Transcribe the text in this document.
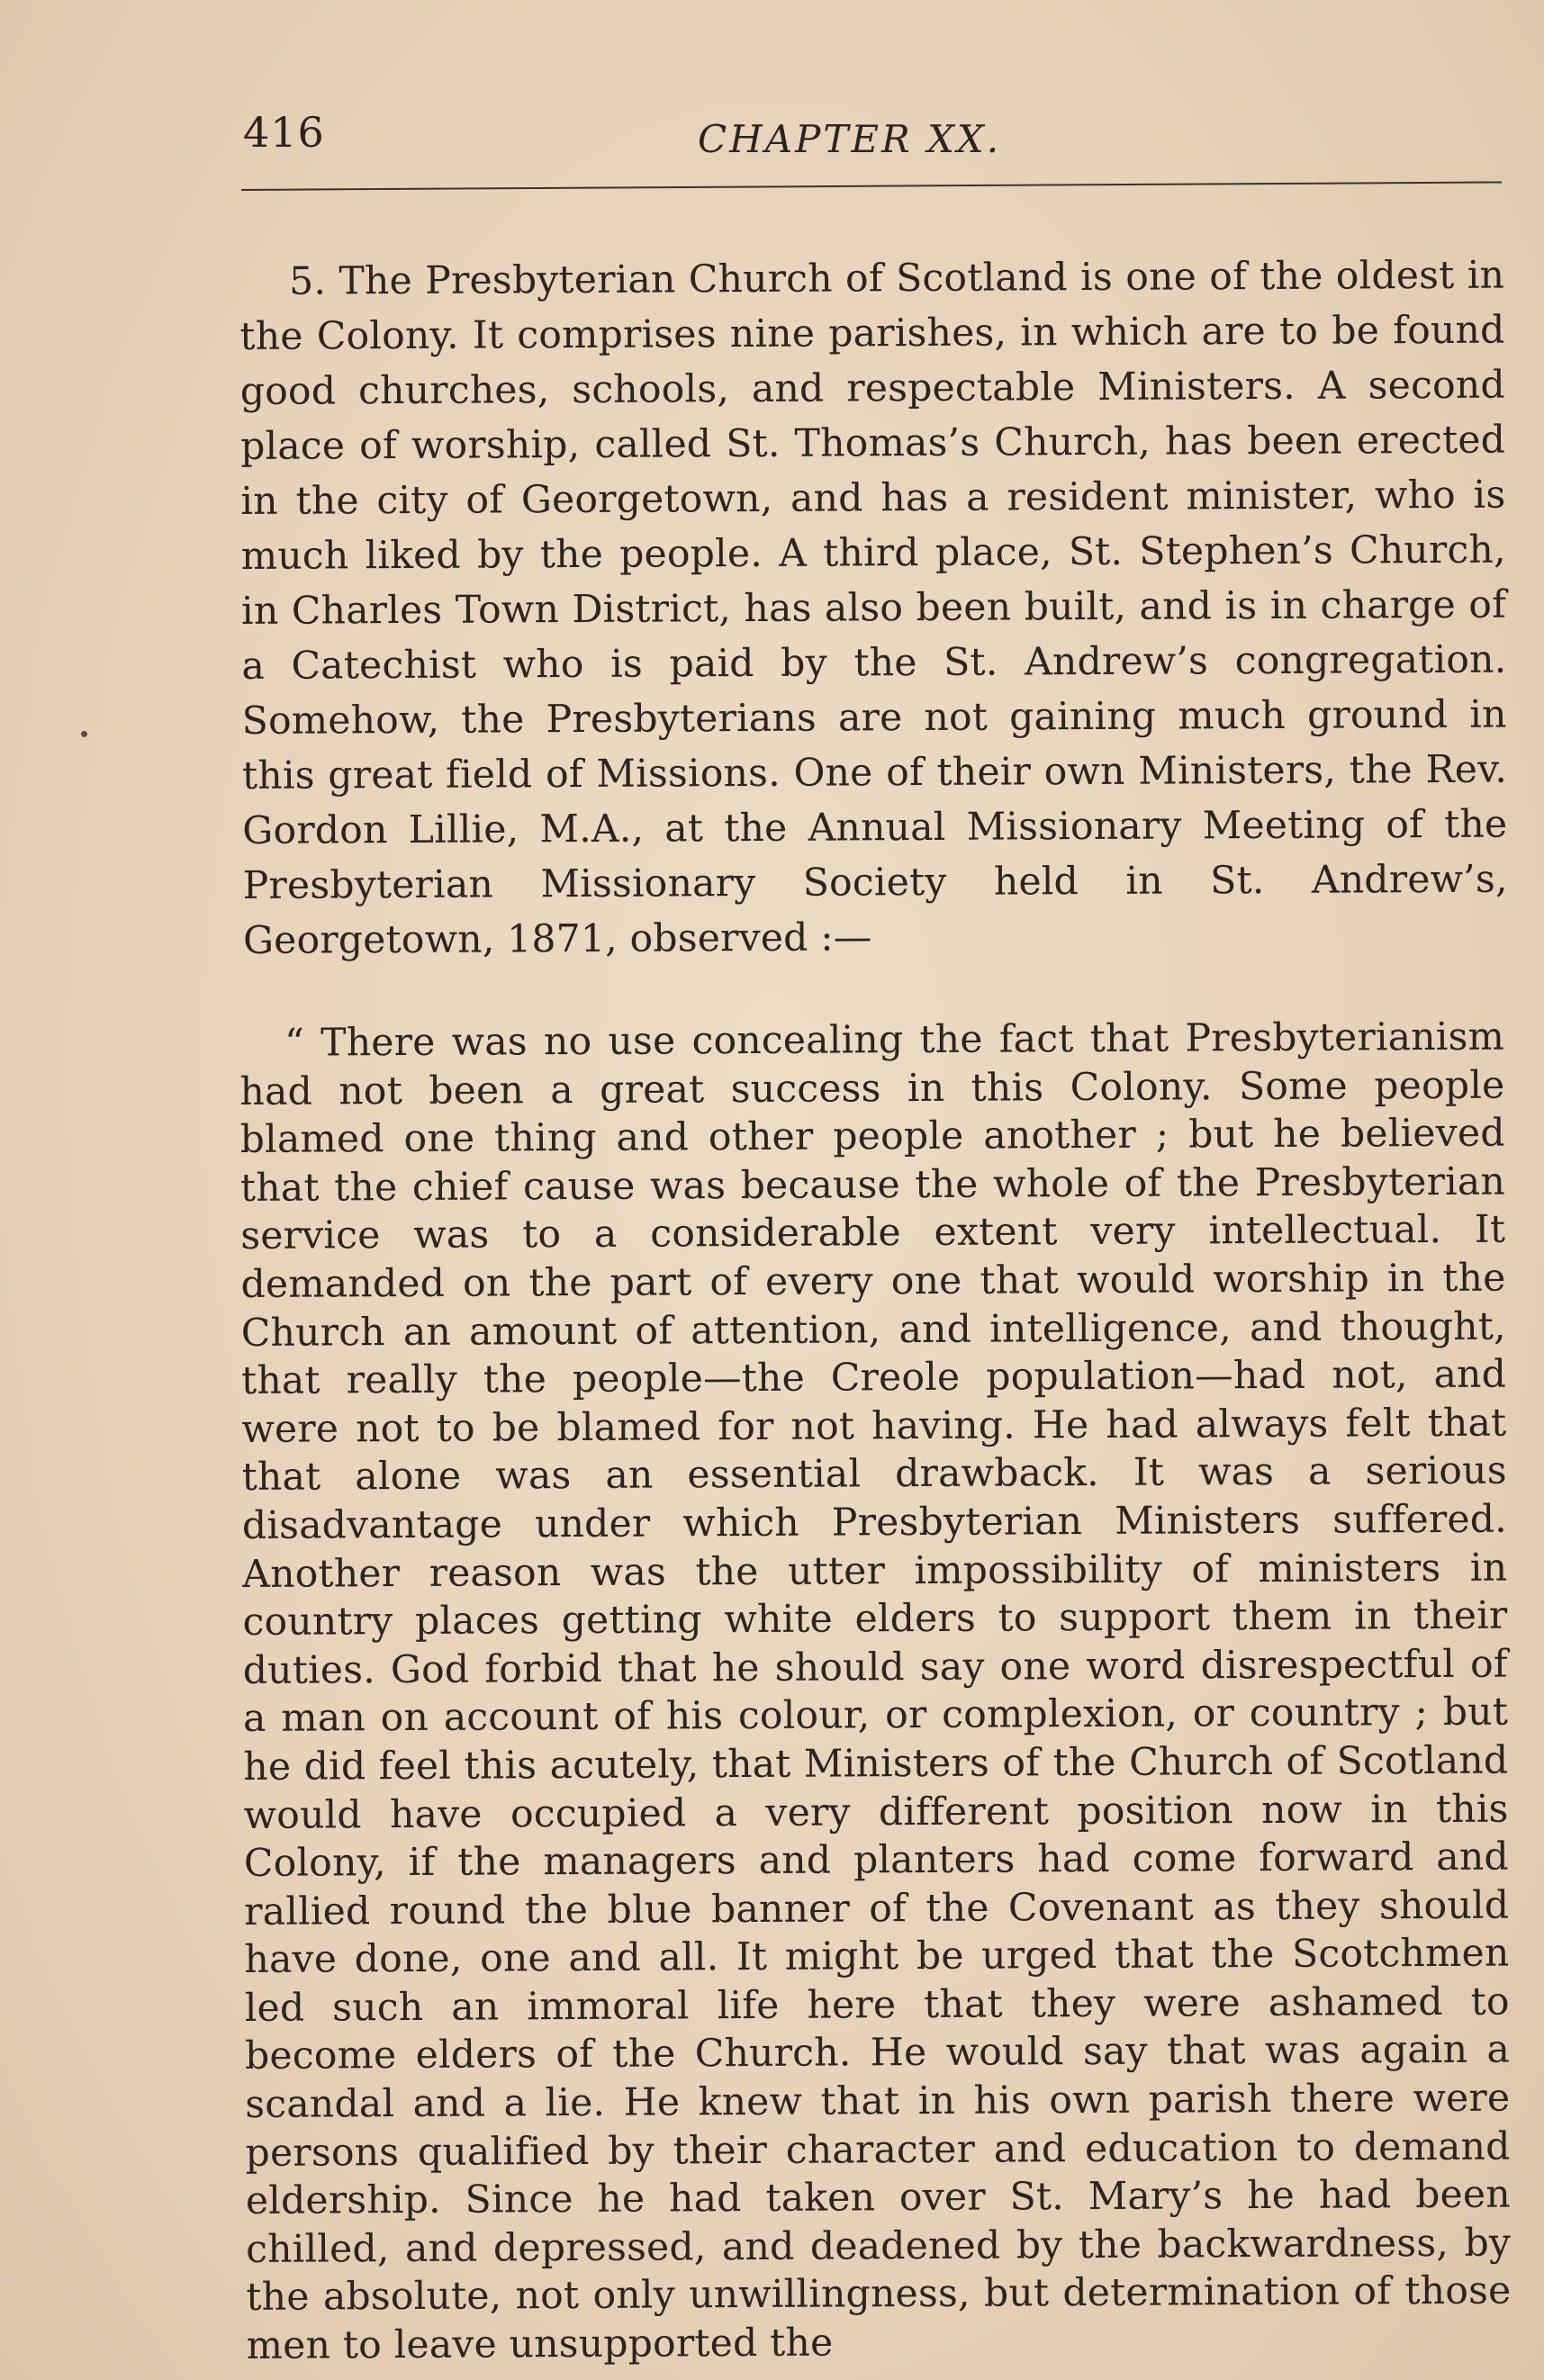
416	CHAPTER XX.

5. The Presbyterian Church of Scotland is one of the oldest in the Colony. It comprises nine parishes, in which are to be found good churches, schools, and respectable Ministers. A second place of worship, called St. Thomas’s Church, has been erected in the city of Georgetown, and has a resident minister, who is much liked by the people. A third place, St. Stephen’s Church, in Charles Town District, has also been built, and is in charge of a Catechist who is paid by the St. Andrew’s congregation. Somehow, the Presbyterians are not gaining much ground in this great field of Missions. One of their own Ministers, the Rev. Gordon Lillie, M.A., at the Annual Missionary Meeting of the Presbyterian Missionary Society held in St. Andrew’s, Georgetown, 1871, observed :—

“ There was no use concealing the fact that Presbyterianism had not been a great success in this Colony. Some people blamed one thing and other people another ; but he believed that the chief cause was because the whole of the Presbyterian service was to a considerable extent very intellectual. It demanded on the part of every one that would worship in the Church an amount of attention, and intelligence, and thought, that really the people—the Creole population—had not, and were not to be blamed for not having. He had always felt that that alone was an essential drawback. It was a serious disadvantage under which Presbyterian Ministers suffered. Another reason was the utter impossibility of ministers in country places getting white elders to support them in their duties. God forbid that he should say one word disrespectful of a man on account of his colour, or complexion, or country ; but he did feel this acutely, that Ministers of the Church of Scotland would have occupied a very different position now in this Colony, if the managers and planters had come forward and rallied round the blue banner of the Covenant as they should have done, one and all. It might be urged that the Scotchmen led such an immoral life here that they were ashamed to become elders of the Church. He would say that was again a scandal and a lie. He knew that in his own parish there were persons qualified by their character and education to demand eldership. Since he had taken over St. Mary’s he had been chilled, and depressed, and deadened by the backwardness, by the absolute, not only unwillingness, but determination of those men to leave unsupported the
